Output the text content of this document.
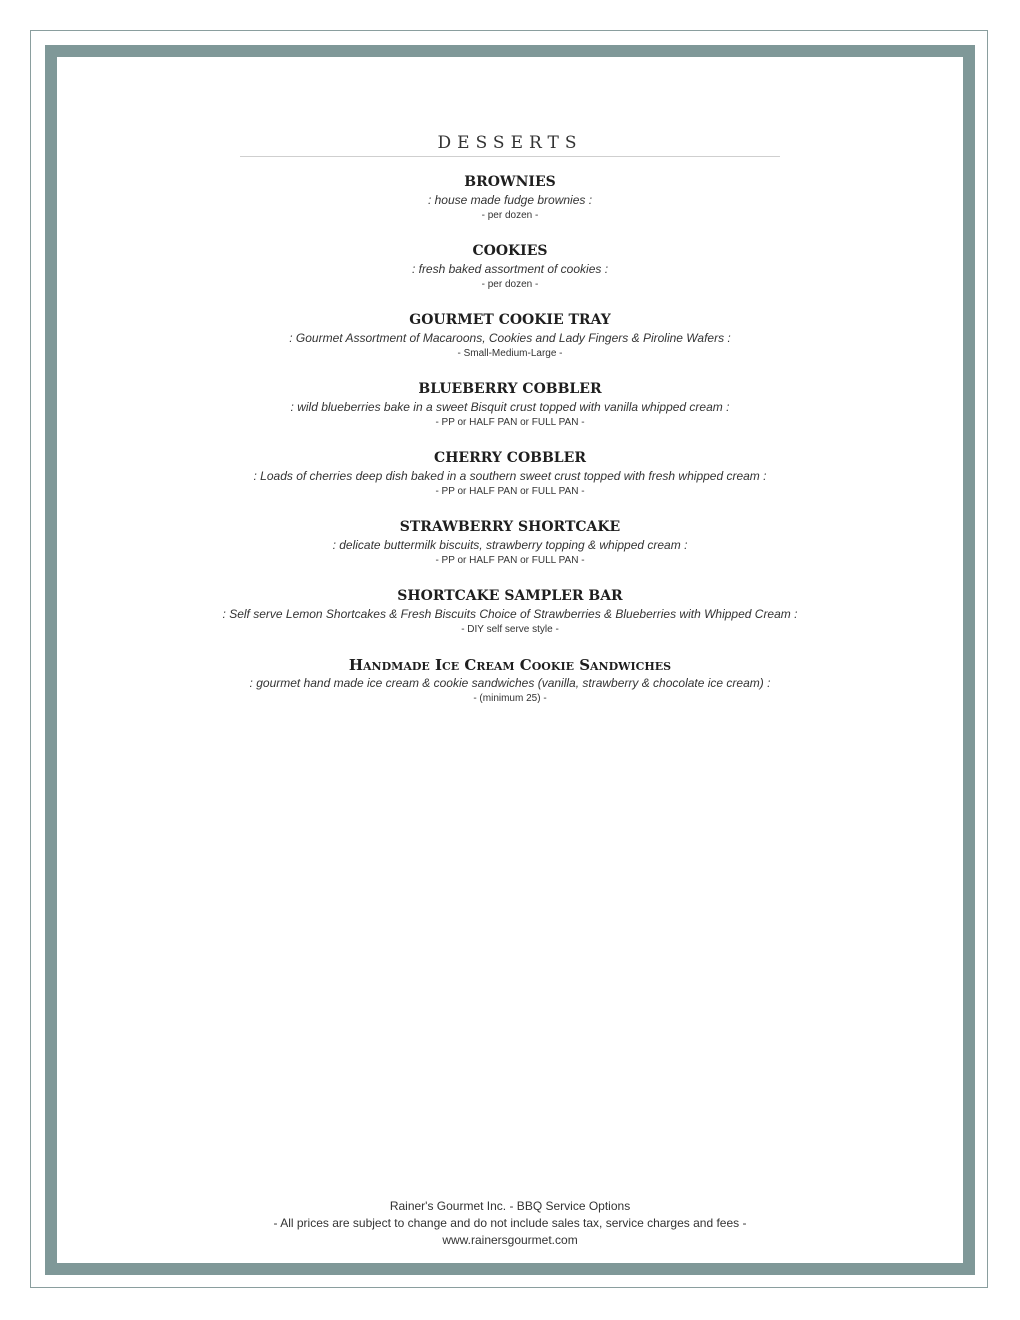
DESSERTS
BROWNIES
: house made fudge brownies :
- per dozen -
COOKIES
: fresh baked assortment of cookies :
- per dozen -
GOURMET COOKIE TRAY
: Gourmet Assortment of Macaroons, Cookies and Lady Fingers & Piroline Wafers :
- Small-Medium-Large -
BLUEBERRY COBBLER
: wild blueberries bake in a sweet Bisquit crust topped with vanilla whipped cream :
- PP or HALF PAN or FULL PAN -
CHERRY COBBLER
: Loads of cherries deep dish baked in a southern sweet crust topped with fresh whipped cream :
- PP or HALF PAN or FULL PAN -
STRAWBERRY SHORTCAKE
: delicate buttermilk biscuits, strawberry topping & whipped cream :
- PP or HALF PAN or FULL PAN -
SHORTCAKE SAMPLER BAR
: Self serve Lemon Shortcakes & Fresh Biscuits Choice of Strawberries & Blueberries with Whipped Cream :
- DIY self serve style -
Handmade Ice Cream Cookie Sandwiches
: gourmet hand made ice cream & cookie sandwiches (vanilla, strawberry & chocolate ice cream) :
- (minimum 25) -
Rainer's Gourmet Inc. - BBQ Service Options
- All prices are subject to change and do not include sales tax, service charges and fees -
www.rainersgourmet.com
